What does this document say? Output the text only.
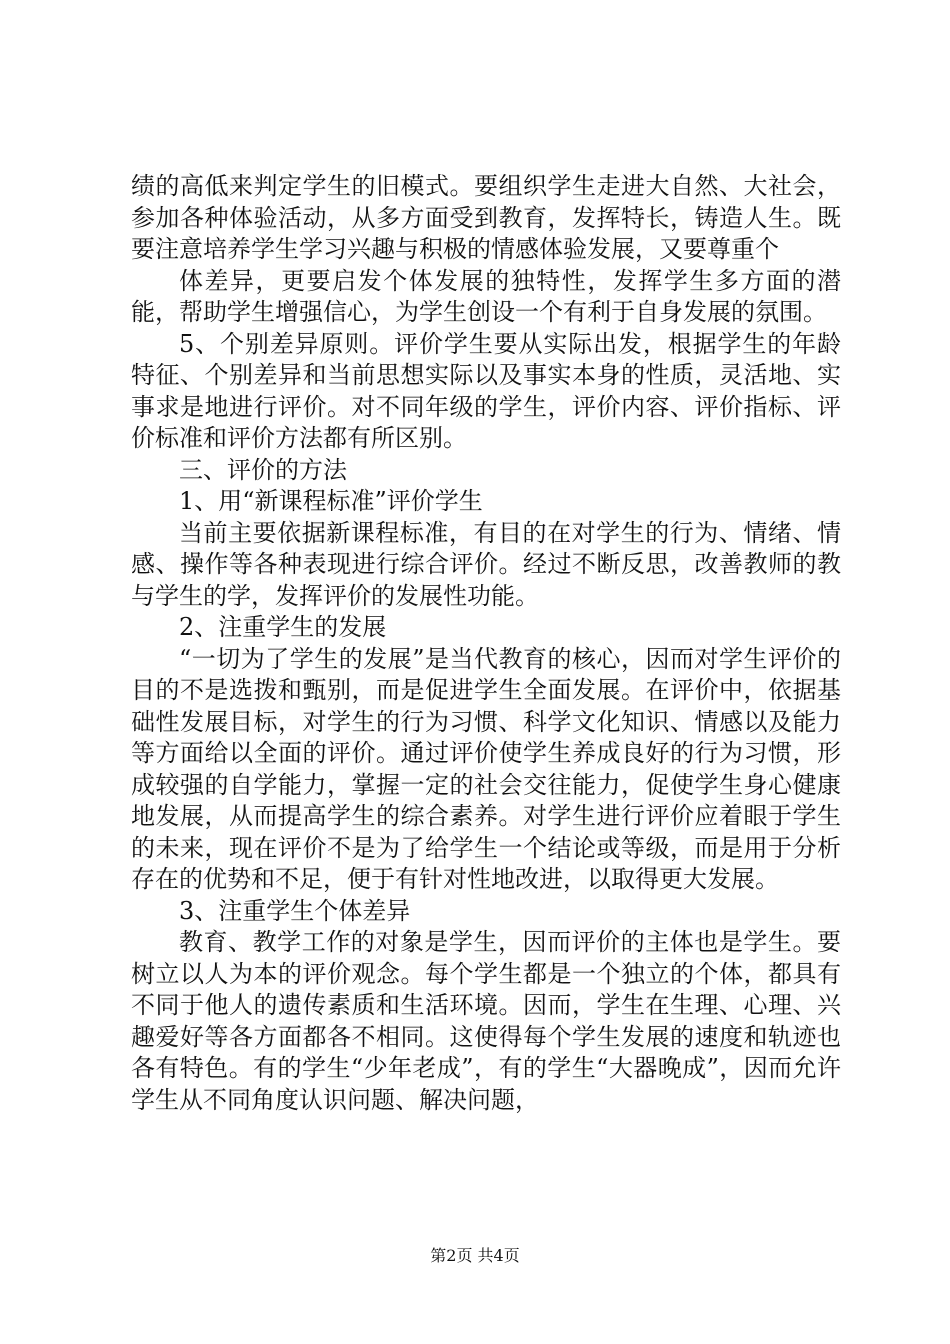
绩的高低来判定学生的旧模式。要组织学生走进大自然、大社会，参加各种体验活动，从多方面受到教育，发挥特长，铸造人生。既要注意培养学生学习兴趣与积极的情感体验发展，又要尊重个

体差异，更要启发个体发展的独特性，发挥学生多方面的潜能，帮助学生增强信心，为学生创设一个有利于自身发展的氛围。

5、个别差异原则。评价学生要从实际出发，根据学生的年龄特征、个别差异和当前思想实际以及事实本身的性质，灵活地、实事求是地进行评价。对不同年级的学生，评价内容、评价指标、评价标准和评价方法都有所区别。

三、评价的方法

1、用“新课程标准”评价学生

当前主要依据新课程标准，有目的在对学生的行为、情绪、情感、操作等各种表现进行综合评价。经过不断反思，改善教师的教与学生的学，发挥评价的发展性功能。

2、注重学生的发展

“一切为了学生的发展”是当代教育的核心，因而对学生评价的目的不是选拨和甄别，而是促进学生全面发展。在评价中，依据基础性发展目标，对学生的行为习惯、科学文化知识、情感以及能力等方面给以全面的评价。通过评价使学生养成良好的行为习惯，形成较强的自学能力，掌握一定的社会交往能力，促使学生身心健康地发展，从而提高学生的综合素养。对学生进行评价应着眼于学生的未来，现在评价不是为了给学生一个结论或等级，而是用于分析存在的优势和不足，便于有针对性地改进，以取得更大发展。

3、注重学生个体差异

教育、教学工作的对象是学生，因而评价的主体也是学生。要树立以人为本的评价观念。每个学生都是一个独立的个体，都具有不同于他人的遗传素质和生活环境。因而，学生在生理、心理、兴趣爱好等各方面都各不相同。这使得每个学生发展的速度和轨迹也各有特色。有的学生“少年老成”，有的学生“大器晚成”，因而允许学生从不同角度认识问题、解决问题，

第2页 共4页
